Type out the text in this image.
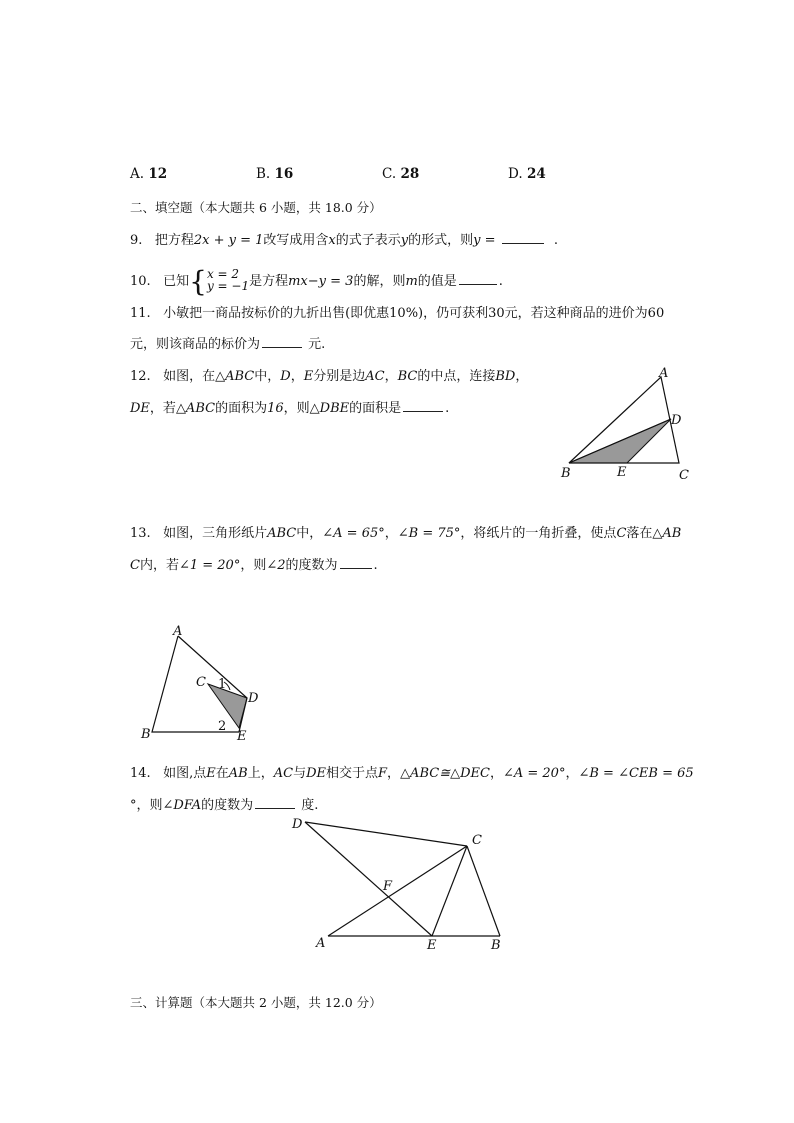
A. 12	B. 16	C. 28	D. 24
二、填空题（本大题共 6 小题，共 18.0 分）
9. 把方程2x + y = 1改写成用含x的式子表示y的形式，则y =	.
10. 已知{x = 2
y = −1是方程mx−y = 3的解，则m的值是	.
11. 小敏把一商品按标价的九折出售(即优惠10%)，仍可获利30元，若这种商品的进价为60
元，则该商品的标价为	元.
12. 如图，在△ABC中，D，E分别是边AC，BC的中点，连接BD，
DE，若△ABC的面积为16，则△DBE的面积是	.
A
B	C
D
E
13. 如图，三角形纸片ABC中，∠A = 65°，∠B = 75°，将纸片的一角折叠，使点C落在△AB
C内，若∠1 = 20°，则∠2的度数为	.
A
B
C
D
E
1
2
14. 如图,点E在AB上，AC与DE相交于点F，△ABC≅△DEC，∠A = 20°，∠B = ∠CEB = 65
°，则∠DFA的度数为	度.
A	B
C
D
E
F
三、计算题（本大题共 2 小题，共 12.0 分）
